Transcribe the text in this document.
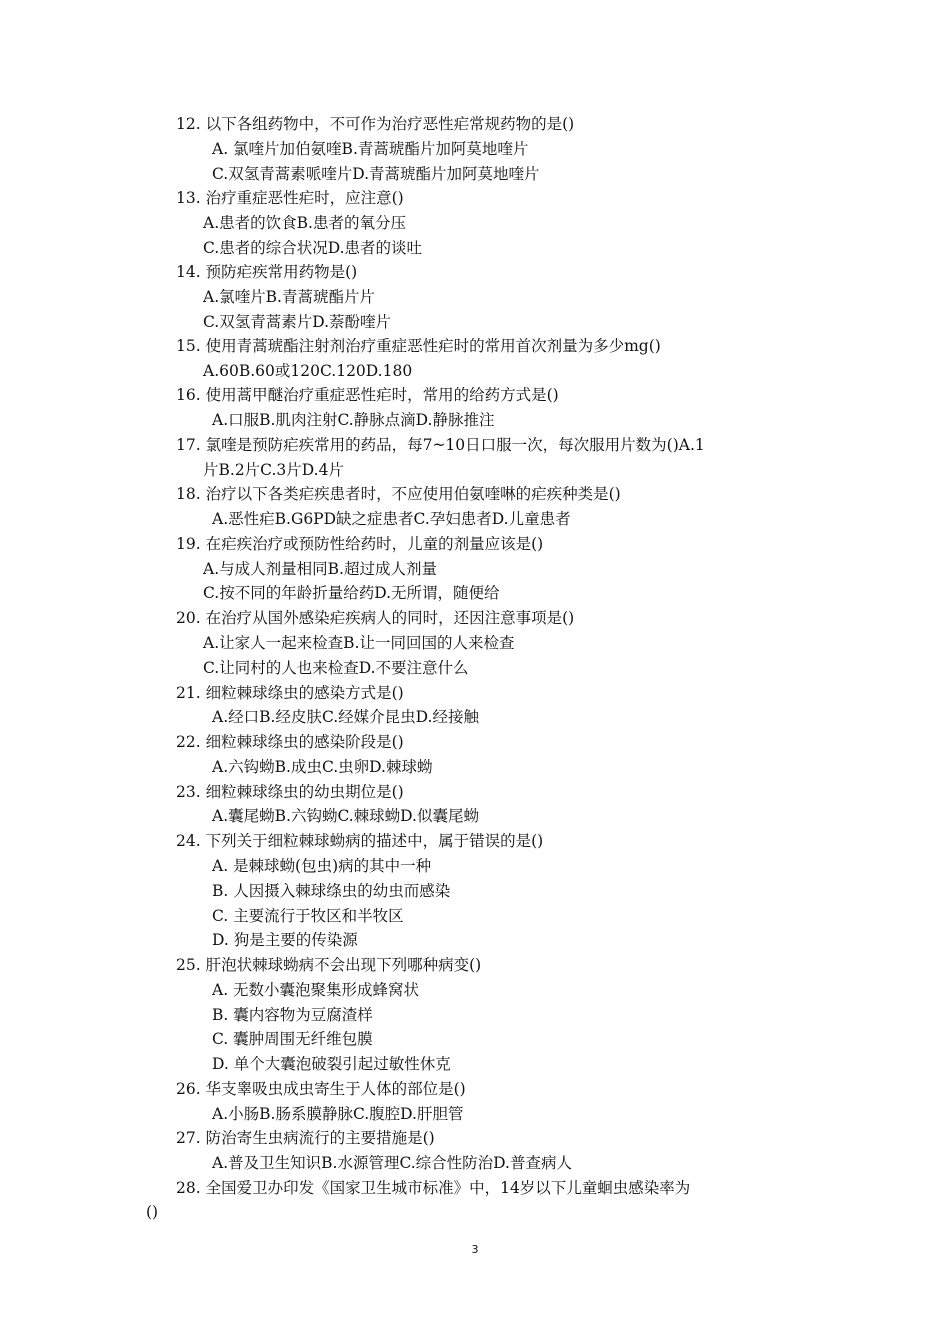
12. 以下各组药物中，不可作为治疗恶性疟常规药物的是()
A. 氯喹片加伯氨喹B.青蒿琥酯片加阿莫地喹片
C.双氢青蒿素哌喹片D.青蒿琥酯片加阿莫地喹片
13. 治疗重症恶性疟时，应注意()
A.患者的饮食B.患者的氧分压
C.患者的综合状况D.患者的谈吐
14. 预防疟疾常用药物是()
A.氯喹片B.青蒿琥酯片片
C.双氢青蒿素片D.萘酚喹片
15. 使用青蒿琥酯注射剂治疗重症恶性疟时的常用首次剂量为多少mg()
A.60B.60或120C.120D.180
16. 使用蒿甲醚治疗重症恶性疟时，常用的给药方式是()
A.口服B.肌肉注射C.静脉点滴D.静脉推注
17. 氯喹是预防疟疾常用的药品，每7~10日口服一次，每次服用片数为()A.1
片B.2片C.3片D.4片
18. 治疗以下各类疟疾患者时，不应使用伯氨喹啉的疟疾种类是()
A.恶性疟B.G6PD缺之症患者C.孕妇患者D.儿童患者
19. 在疟疾治疗或预防性给药时，儿童的剂量应该是()
A.与成人剂量相同B.超过成人剂量
C.按不同的年龄折量给药D.无所谓，随便给
20. 在治疗从国外感染疟疾病人的同时，还因注意事项是()
A.让家人一起来检查B.让一同回国的人来检查
C.让同村的人也来检查D.不要注意什么
21. 细粒棘球绦虫的感染方式是()
A.经口B.经皮肤C.经媒介昆虫D.经接触
22. 细粒棘球绦虫的感染阶段是()
A.六钩蚴B.成虫C.虫卵D.棘球蚴
23. 细粒棘球绦虫的幼虫期位是()
A.囊尾蚴B.六钩蚴C.棘球蚴D.似囊尾蚴
24. 下列关于细粒棘球蚴病的描述中，属于错误的是()
A. 是棘球蚴(包虫)病的其中一种
B. 人因摄入棘球绦虫的幼虫而感染
C. 主要流行于牧区和半牧区
D. 狗是主要的传染源
25. 肝泡状棘球蚴病不会出现下列哪种病变()
A. 无数小囊泡聚集形成蜂窝状
B. 囊内容物为豆腐渣样
C. 囊肿周围无纤维包膜
D. 单个大囊泡破裂引起过敏性休克
26. 华支睾吸虫成虫寄生于人体的部位是()
A.小肠B.肠系膜静脉C.腹腔D.肝胆管
27. 防治寄生虫病流行的主要措施是()
A.普及卫生知识B.水源管理C.综合性防治D.普查病人
28. 全国爱卫办印发《国家卫生城市标准》中，14岁以下儿童蛔虫感染率为
()
3
